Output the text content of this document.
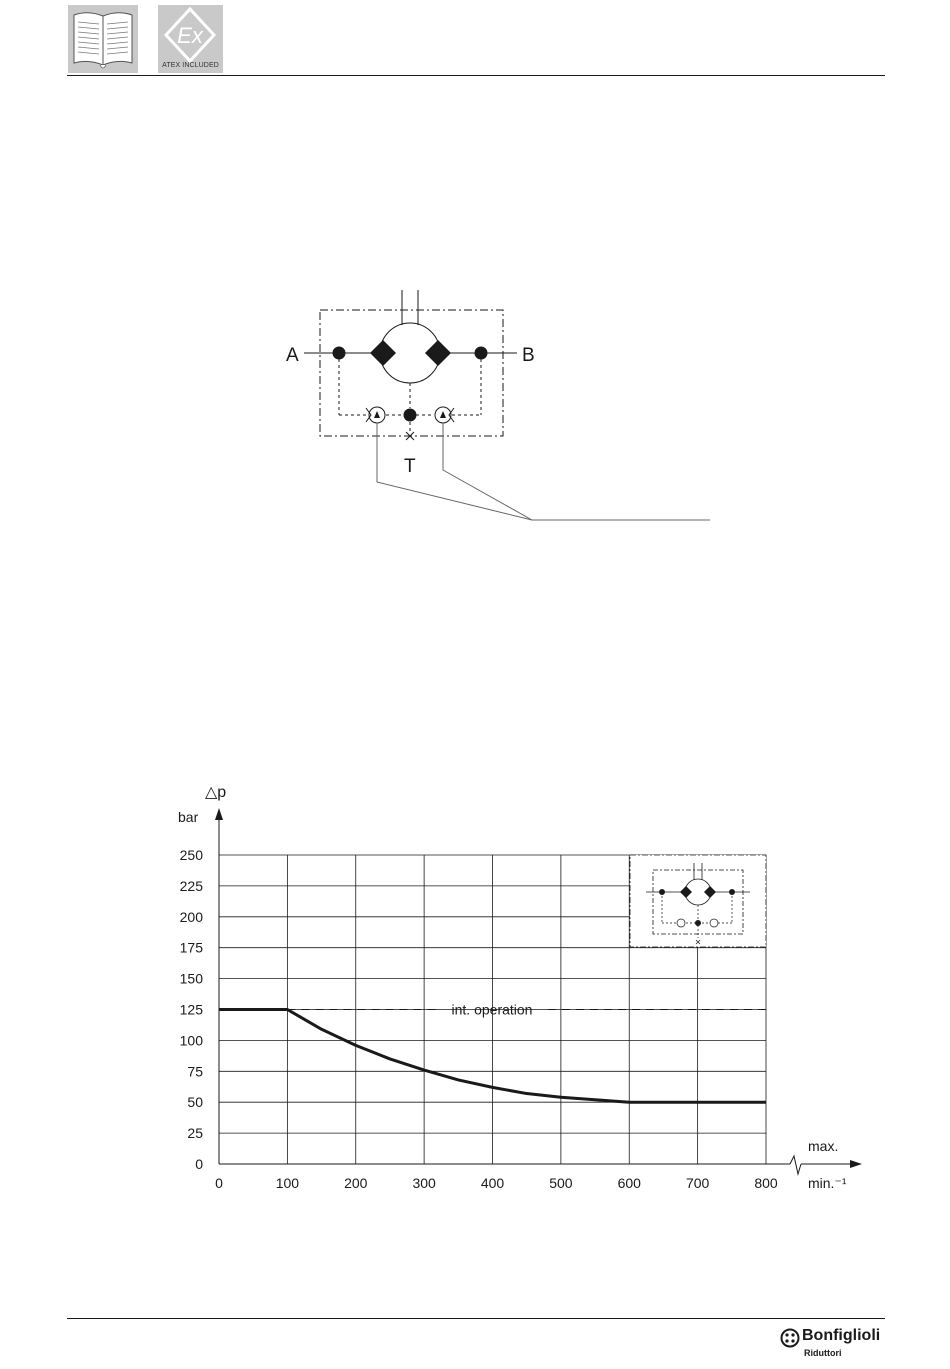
Ex
ATEX INCLUDED
A	B
T
int. operation
0
25
50
75
100
125
150
175
200
225
250
0	100	200	300	400	500	600	700	800
bar
△p
max.
min.⁻¹
Bonfiglioli
Riduttori
